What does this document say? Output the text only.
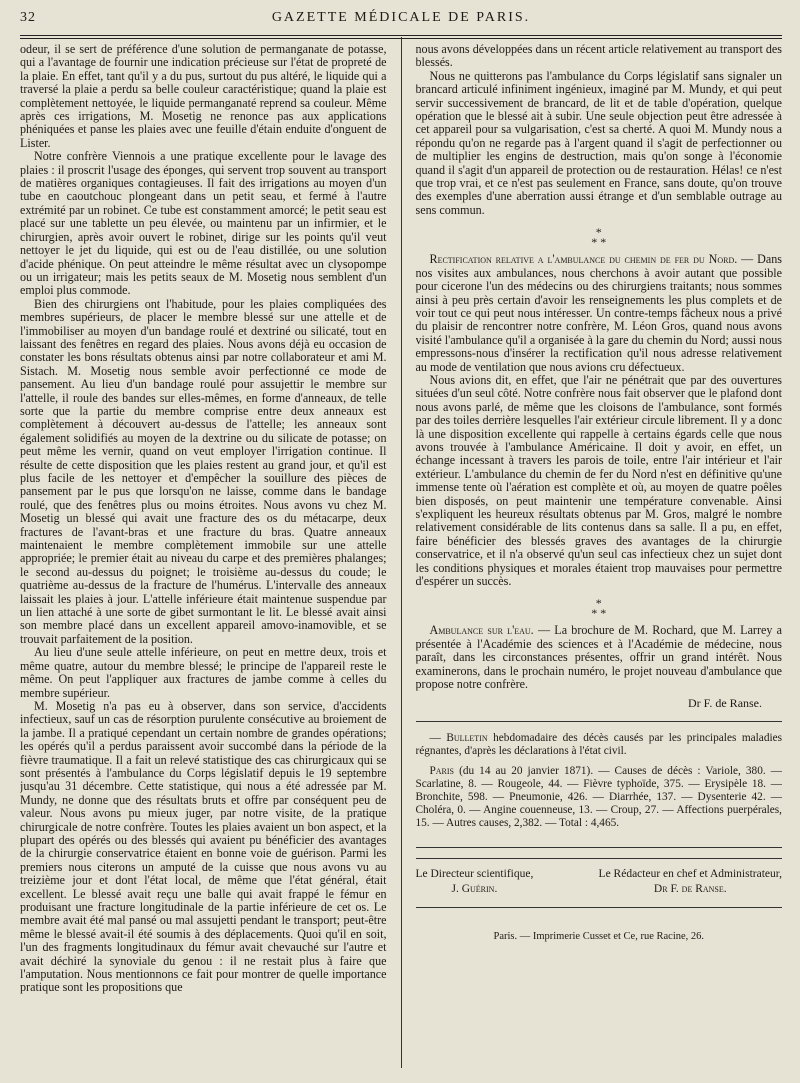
32	GAZETTE MÉDICALE DE PARIS.

odeur, il se sert de préférence d'une solution de permanganate de potasse, qui a l'avantage de fournir une indication précieuse sur l'état de propreté de la plaie. En effet, tant qu'il y a du pus, surtout du pus altéré, le liquide qui a traversé la plaie a perdu sa belle couleur caractéristique; quand la plaie est complètement nettoyée, le liquide permanganaté reprend sa couleur. Même après ces irrigations, M. Mosetig ne renonce pas aux applications phéniquées et panse les plaies avec une feuille d'étain enduite d'onguent de Lister.

Notre confrère Viennois a une pratique excellente pour le lavage des plaies : il proscrit l'usage des éponges, qui servent trop souvent au transport de matières organiques contagieuses. Il fait des irrigations au moyen d'un tube en caoutchouc plongeant dans un petit seau, et fermé à l'autre extrémité par un robinet. Ce tube est constamment amorcé; le petit seau est placé sur une tablette un peu élevée, ou maintenu par un infirmier, et le chirurgien, après avoir ouvert le robinet, dirige sur les points qu'il veut nettoyer le jet du liquide, qui est ou de l'eau distillée, ou une solution d'acide phénique. On peut atteindre le même résultat avec un clysopompe ou un irrigateur; mais les petits seaux de M. Mosetig nous semblent d'un emploi plus commode.

Bien des chirurgiens ont l'habitude, pour les plaies compliquées des membres supérieurs, de placer le membre blessé sur une attelle et de l'immobiliser au moyen d'un bandage roulé et dextriné ou silicaté, tout en laissant des fenêtres en regard des plaies. Nous avons déjà eu occasion de constater les bons résultats obtenus ainsi par notre collaborateur et ami M. Sistach. M. Mosetig nous semble avoir perfectionné ce mode de pansement. Au lieu d'un bandage roulé pour assujettir le membre sur l'attelle, il roule des bandes sur elles-mêmes, en forme d'anneaux, de telle sorte que la partie du membre comprise entre deux anneaux est complètement à découvert au-dessus de l'attelle; les anneaux sont également solidifiés au moyen de la dextrine ou du silicate de potasse; on peut même les vernir, quand on veut employer l'irrigation continue. Il résulte de cette disposition que les plaies restent au grand jour, et qu'il est plus facile de les nettoyer et d'empêcher la souillure des pièces de pansement par le pus que lorsqu'on ne laisse, comme dans le bandage roulé, que des fenêtres plus ou moins étroites. Nous avons vu chez M. Mosetig un blessé qui avait une fracture des os du métacarpe, deux fractures de l'avant-bras et une fracture du bras. Quatre anneaux maintenaient le membre complètement immobile sur une attelle appropriée; le premier était au niveau du carpe et des premières phalanges; le second au-dessus du poignet; le troisième au-dessus du coude; le quatrième au-dessus de la fracture de l'humérus. L'intervalle des anneaux laissait les plaies à jour. L'attelle inférieure était maintenue suspendue par un lien attaché à une sorte de gibet surmontant le lit. Le blessé avait ainsi son membre placé dans un excellent appareil amovo-inamovible, et se trouvait parfaitement de la position.

Au lieu d'une seule attelle inférieure, on peut en mettre deux, trois et même quatre, autour du membre blessé; le principe de l'appareil reste le même. On peut l'appliquer aux fractures de jambe comme à celles du membre supérieur.

M. Mosetig n'a pas eu à observer, dans son service, d'accidents infectieux, sauf un cas de résorption purulente consécutive au broiement de la jambe. Il a pratiqué cependant un certain nombre de grandes opérations; les opérés qu'il a perdus paraissent avoir succombé dans la période de la fièvre traumatique. Il a fait un relevé statistique des cas chirurgicaux qui se sont présentés à l'ambulance du Corps législatif depuis le 19 septembre jusqu'au 31 décembre. Cette statistique, qui nous a été adressée par M. Mundy, ne donne que des résultats bruts et offre par conséquent peu de valeur. Nous avons pu mieux juger, par notre visite, de la pratique chirurgicale de notre confrère. Toutes les plaies avaient un bon aspect, et la plupart des opérés ou des blessés qui avaient pu bénéficier des avantages de la chirurgie conservatrice étaient en bonne voie de guérison. Parmi les premiers nous citerons un amputé de la cuisse que nous avons vu au treizième jour et dont l'état local, de même que l'état général, était excellent. Le blessé avait reçu une balle qui avait frappé le fémur en produisant une fracture longitudinale de la partie inférieure de cet os. Le membre avait été mal pansé ou mal assujetti pendant le transport; peut-être même le blessé avait-il été soumis à des déplacements. Quoi qu'il en soit, l'un des fragments longitudinaux du fémur avait chevauché sur l'autre et avait déchiré la synoviale du genou : il ne restait plus à faire que l'amputation. Nous mentionnons ce fait pour montrer de quelle importance pratique sont les propositions que

nous avons développées dans un récent article relativement au transport des blessés.

Nous ne quitterons pas l'ambulance du Corps législatif sans signaler un brancard articulé infiniment ingénieux, imaginé par M. Mundy, et qui peut servir successivement de brancard, de lit et de table d'opération, quelque opération que le blessé ait à subir. Une seule objection peut être adressée à cet appareil pour sa vulgarisation, c'est sa cherté. A quoi M. Mundy nous a répondu qu'on ne regarde pas à l'argent quand il s'agit de perfectionner ou de multiplier les engins de destruction, mais qu'on songe à l'économie quand il s'agit d'un appareil de protection ou de restauration. Hélas! ce n'est que trop vrai, et ce n'est pas seulement en France, sans doute, qu'on trouve des exemples d'une aberration aussi étrange et d'un semblable outrage au sens commun.

*
* *

Rectification relative a l'ambulance du chemin de fer du Nord. — Dans nos visites aux ambulances, nous cherchons à avoir autant que possible pour cicerone l'un des médecins ou des chirurgiens traitants; nous sommes ainsi à peu près certain d'avoir les renseignements les plus complets et de voir tout ce qui peut nous intéresser. Un contre-temps fâcheux nous a privé du plaisir de rencontrer notre confrère, M. Léon Gros, quand nous avons visité l'ambulance qu'il a organisée à la gare du chemin du Nord; aussi nous empressons-nous d'insérer la rectification qu'il nous adresse relativement au mode de ventilation que nous avions cru défectueux.

Nous avions dit, en effet, que l'air ne pénétrait que par des ouvertures situées d'un seul côté. Notre confrère nous fait observer que le plafond dont nous avons parlé, de même que les cloisons de l'ambulance, sont formés par des toiles derrière lesquelles l'air extérieur circule librement. Il y a donc là une disposition excellente qui rappelle à certains égards celle que nous avons trouvée à l'ambulance Américaine. Il doit y avoir, en effet, un échange incessant à travers les parois de toile, entre l'air intérieur et l'air extérieur. L'ambulance du chemin de fer du Nord n'est en définitive qu'une immense tente où l'aération est complète et où, au moyen de quatre poêles bien disposés, on peut maintenir une température convenable. Ainsi s'expliquent les heureux résultats obtenus par M. Gros, malgré le nombre relativement considérable de lits contenus dans sa salle. Il a pu, en effet, faire bénéficier des blessés graves des avantages de la chirurgie conservatrice, et il n'a observé qu'un seul cas infectieux chez un sujet dont les conditions physiques et morales étaient trop mauvaises pour permettre d'espérer un succès.

*
* *

Ambulance sur l'eau. — La brochure de M. Rochard, que M. Larrey a présentée à l'Académie des sciences et à l'Académie de médecine, nous paraît, dans les circonstances présentes, offrir un grand intérêt. Nous examinerons, dans le prochain numéro, le projet nouveau d'ambulance que propose notre confrère.

Dr F. de Ranse.

— Bulletin hebdomadaire des décès causés par les principales maladies régnantes, d'après les déclarations à l'état civil.

Paris (du 14 au 20 janvier 1871). — Causes de décès : Variole, 380. — Scarlatine, 8. — Rougeole, 44. — Fièvre typhoïde, 375. — Erysipèle 18. — Bronchite, 598. — Pneumonie, 426. — Diarrhée, 137. — Dysenterie 42. — Choléra, 0. — Angine couenneuse, 13. — Croup, 27. — Affections puerpérales, 15. — Autres causes, 2,382. — Total : 4,465.

Le Directeur scientifique,
J. Guérin.
Le Rédacteur en chef et Administrateur,
Dr F. de Ranse.
Paris. — Imprimerie Cusset et Ce, rue Racine, 26.
